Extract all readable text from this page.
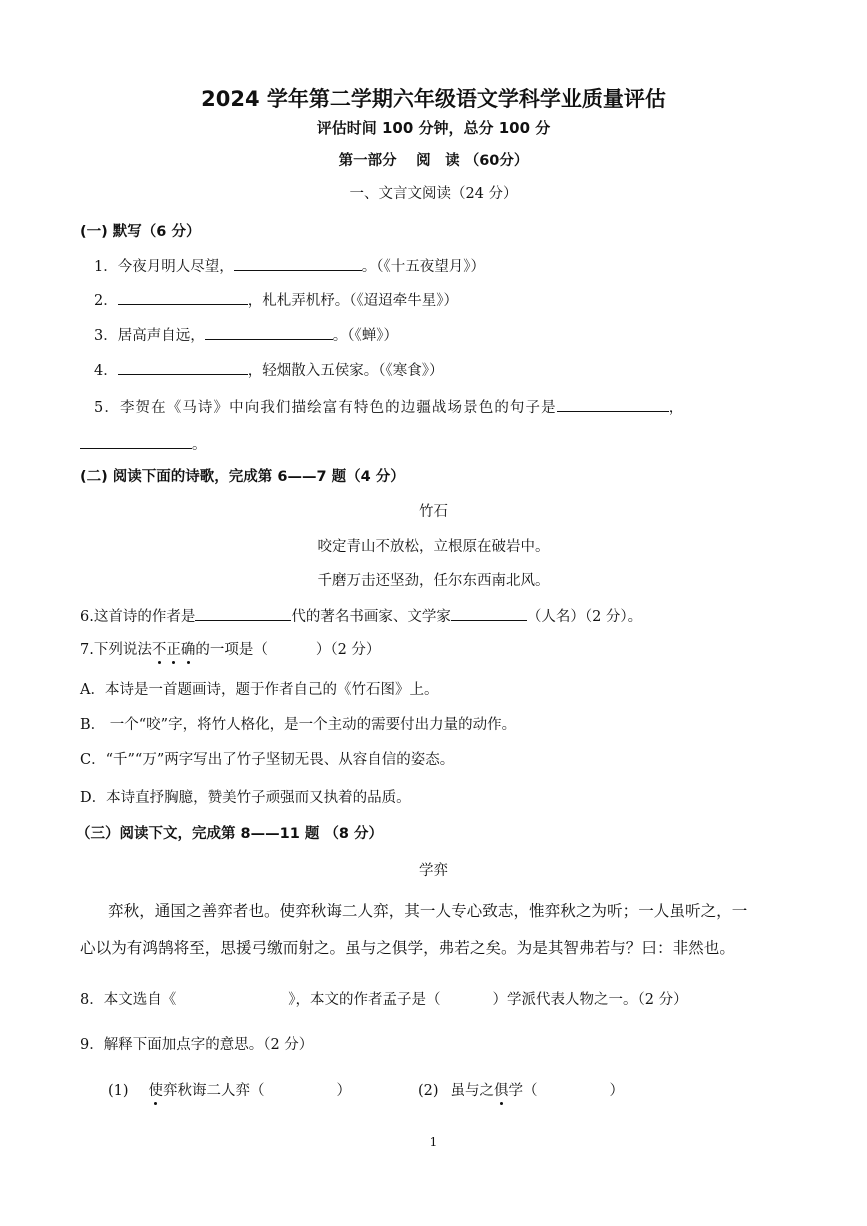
2024 学年第二学期六年级语文学科学业质量评估
评估时间 100 分钟，总分 100 分
第一部分　 阅　读 （60分）
一、文言文阅读（24 分）
(一) 默写（6 分）
1．今夜月明人尽望，	。（《十五夜望月》）
2．	，札札弄机杼。（《迢迢牵牛星》）
3．居高声自远，	。（《蝉》）
4．	，轻烟散入五侯家。（《寒食》）
5．李贺在《马诗》中向我们描绘富有特色的边疆战场景色的句子是	，
。
(二) 阅读下面的诗歌，完成第 6——7 题（4 分）
竹石
咬定青山不放松，立根原在破岩中。
千磨万击还坚劲，任尔东西南北风。
6.这首诗的作者是	代的著名书画家、文学家	（人名）（2 分）。
7.下列说法不正确的一项是（	）（2 分）
A．本诗是一首题画诗，题于作者自己的《竹石图》上。
B． 一个“咬”字，将竹人格化，是一个主动的需要付出力量的动作。
C．“千”“万”两字写出了竹子坚韧无畏、从容自信的姿态。
D．本诗直抒胸臆，赞美竹子顽强而又执着的品质。
（三）阅读下文，完成第 8——11 题 （8 分）
学弈
弈秋，通国之善弈者也。使弈秋诲二人弈，其一人专心致志，惟弈秋之为听；一人虽听之，一
心以为有鸿鹄将至，思援弓缴而射之。虽与之俱学，弗若之矣。为是其智弗若与？曰：非然也。
8．本文选自《	》，本文的作者孟子是（	）学派代表人物之一。（2 分）
9．解释下面加点字的意思。（2 分）
(1) 使弈秋诲二人弈（	）	(2) 虽与之俱学（	）
1
